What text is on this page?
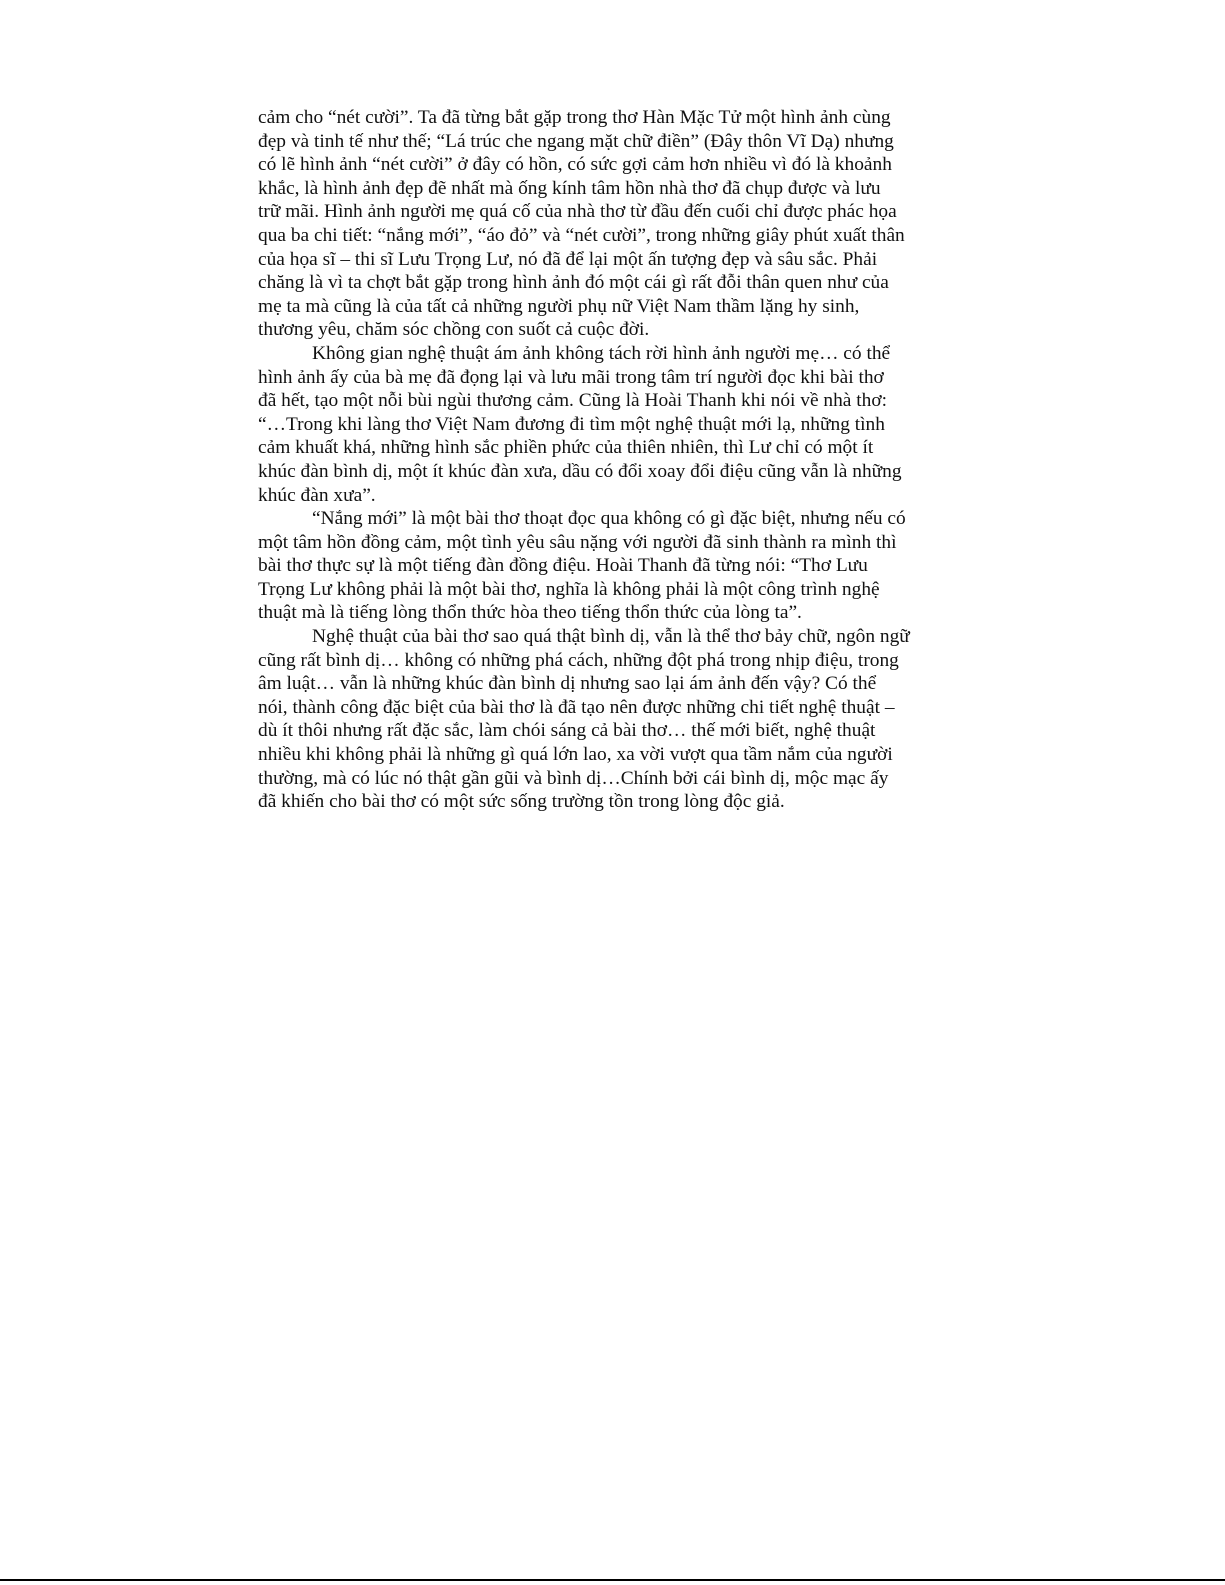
cảm cho “nét cười”. Ta đã từng bắt gặp trong thơ Hàn Mặc Tử một hình ảnh cùng
đẹp và tinh tế như thế; “Lá trúc che ngang mặt chữ điền” (Đây thôn Vĩ Dạ) nhưng
có lẽ hình ảnh “nét cười” ở đây có hồn, có sức gợi cảm hơn nhiều vì đó là khoảnh
khắc, là hình ảnh đẹp đẽ nhất mà ống kính tâm hồn nhà thơ đã chụp được và lưu
trữ mãi. Hình ảnh người mẹ quá cố của nhà thơ từ đầu đến cuối chỉ được phác họa
qua ba chi tiết: “nắng mới”, “áo đỏ” và “nét cười”, trong những giây phút xuất thân
của họa sĩ – thi sĩ Lưu Trọng Lư, nó đã để lại một ấn tượng đẹp và sâu sắc. Phải
chăng là vì ta chợt bắt gặp trong hình ảnh đó một cái gì rất đỗi thân quen như của
mẹ ta mà cũng là của tất cả những người phụ nữ Việt Nam thầm lặng hy sinh,
thương yêu, chăm sóc chồng con suốt cả cuộc đời.

Không gian nghệ thuật ám ảnh không tách rời hình ảnh người mẹ… có thể
hình ảnh ấy của bà mẹ đã đọng lại và lưu mãi trong tâm trí người đọc khi bài thơ
đã hết, tạo một nỗi bùi ngùi thương cảm. Cũng là Hoài Thanh khi nói về nhà thơ:
“…Trong khi làng thơ Việt Nam đương đi tìm một nghệ thuật mới lạ, những tình
cảm khuất khá, những hình sắc phiền phức của thiên nhiên, thì Lư chỉ có một ít
khúc đàn bình dị, một ít khúc đàn xưa, dầu có đổi xoay đổi điệu cũng vẫn là những
khúc đàn xưa”.

“Nắng mới” là một bài thơ thoạt đọc qua không có gì đặc biệt, nhưng nếu có
một tâm hồn đồng cảm, một tình yêu sâu nặng với người đã sinh thành ra mình thì
bài thơ thực sự là một tiếng đàn đồng điệu. Hoài Thanh đã từng nói: “Thơ Lưu
Trọng Lư không phải là một bài thơ, nghĩa là không phải là một công trình nghệ
thuật mà là tiếng lòng thổn thức hòa theo tiếng thổn thức của lòng ta”.

Nghệ thuật của bài thơ sao quá thật bình dị, vẫn là thể thơ bảy chữ, ngôn ngữ
cũng rất bình dị… không có những phá cách, những đột phá trong nhịp điệu, trong
âm luật… vẫn là những khúc đàn bình dị nhưng sao lại ám ảnh đến vậy? Có thể
nói, thành công đặc biệt của bài thơ là đã tạo nên được những chi tiết nghệ thuật –
dù ít thôi nhưng rất đặc sắc, làm chói sáng cả bài thơ… thế mới biết, nghệ thuật
nhiều khi không phải là những gì quá lớn lao, xa vời vượt qua tầm nắm của người
thường, mà có lúc nó thật gần gũi và bình dị…Chính bởi cái bình dị, mộc mạc ấy
đã khiến cho bài thơ có một sức sống trường tồn trong lòng độc giả.
